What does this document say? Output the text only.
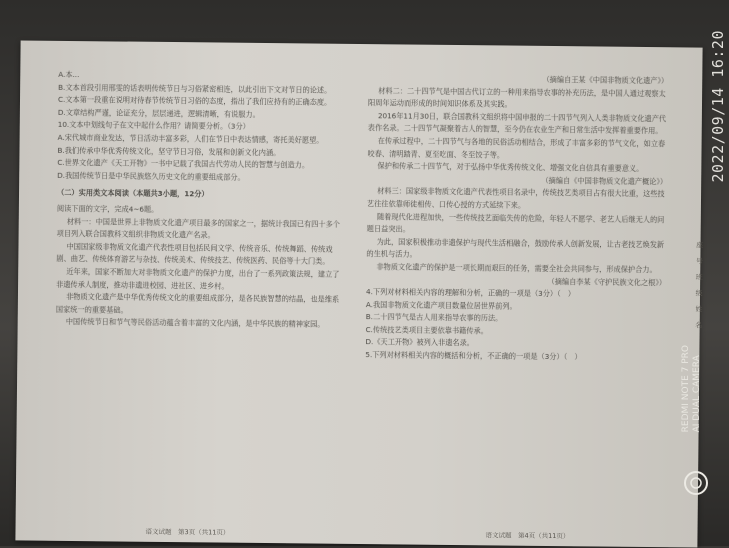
A.本...

B.文本首段引用邢雯的话表明传统节日与习俗紧密相连，以此引出下文对节日的论述。

C.文本第一段重在说明对待春节传统节日习俗的态度，指出了我们应持有的正确态度。

D.文章结构严谨，论证充分，层层递进，逻辑清晰，有说服力。

10.文本中划线句子在文中起什么作用？请简要分析。（3分）

A.宋代城市商业发达，节日活动丰富多彩，人们在节日中表达情感，寄托美好愿望。

B.我们传承中华优秀传统文化，坚守节日习俗，发展和创新文化内涵。

C.世界文化遗产《天工开物》一书中记载了我国古代劳动人民的智慧与创造力。

D.我国传统节日是中华民族悠久历史文化的重要组成部分。

（二）实用类文本阅读（本题共3小题，12分）

阅读下面的文字，完成4~6题。

材料一：中国是世界上非物质文化遗产项目最多的国家之一，据统计我国已有四十多个项目列入联合国教科文组织非物质文化遗产名录。

中国国家级非物质文化遗产代表性项目包括民间文学、传统音乐、传统舞蹈、传统戏剧、曲艺、传统体育游艺与杂技、传统美术、传统技艺、传统医药、民俗等十大门类。

近年来，国家不断加大对非物质文化遗产的保护力度，出台了一系列政策法规，建立了非遗传承人制度，推动非遗进校园、进社区、进乡村。

非物质文化遗产是中华优秀传统文化的重要组成部分，是各民族智慧的结晶，也是维系国家统一的重要基础。

中国传统节日和节气等民俗活动蕴含着丰富的文化内涵，是中华民族的精神家园。

（摘编自王某《中国非物质文化遗产》）

材料二：二十四节气是中国古代订立的一种用来指导农事的补充历法，是中国人通过观察太阳周年运动而形成的时间知识体系及其实践。

2016年11月30日，联合国教科文组织将中国申报的二十四节气列入人类非物质文化遗产代表作名录。二十四节气凝聚着古人的智慧，至今仍在农业生产和日常生活中发挥着重要作用。

在传承过程中，二十四节气与各地的民俗活动相结合，形成了丰富多彩的节气文化，如立春咬春、清明踏青、夏至吃面、冬至饺子等。

保护和传承二十四节气，对于弘扬中华优秀传统文化、增强文化自信具有重要意义。

（摘编自《中国非物质文化遗产概论》）

材料三：国家级非物质文化遗产代表性项目名录中，传统技艺类项目占有很大比重，这些技艺往往依靠师徒相传、口传心授的方式延续下来。

随着现代化进程加快，一些传统技艺面临失传的危险，年轻人不愿学、老艺人后继无人的问题日益突出。

为此，国家积极推动非遗保护与现代生活相融合，鼓励传承人创新发展，让古老技艺焕发新的生机与活力。

非物质文化遗产的保护是一项长期而艰巨的任务，需要全社会共同参与，形成保护合力。

（摘编自李某《守护民族文化之根》）

4.下列对材料相关内容的理解和分析，正确的一项是（3分）（　）

A.我国非物质文化遗产项目数量位居世界前列。

B.二十四节气是古人用来指导农事的历法。

C.传统技艺类项目主要依靠书籍传承。

D.《天工开物》被列入非遗名录。

5.下列对材料相关内容的概括和分析，不正确的一项是（3分）（　）

语文试题　第3页（共11页）	语文试题　第4页（共11页）
座
号
班
级
姓
名
2022/09/14 16:20
REDMI NOTE 7 PRO AI DUAL CAMERA
